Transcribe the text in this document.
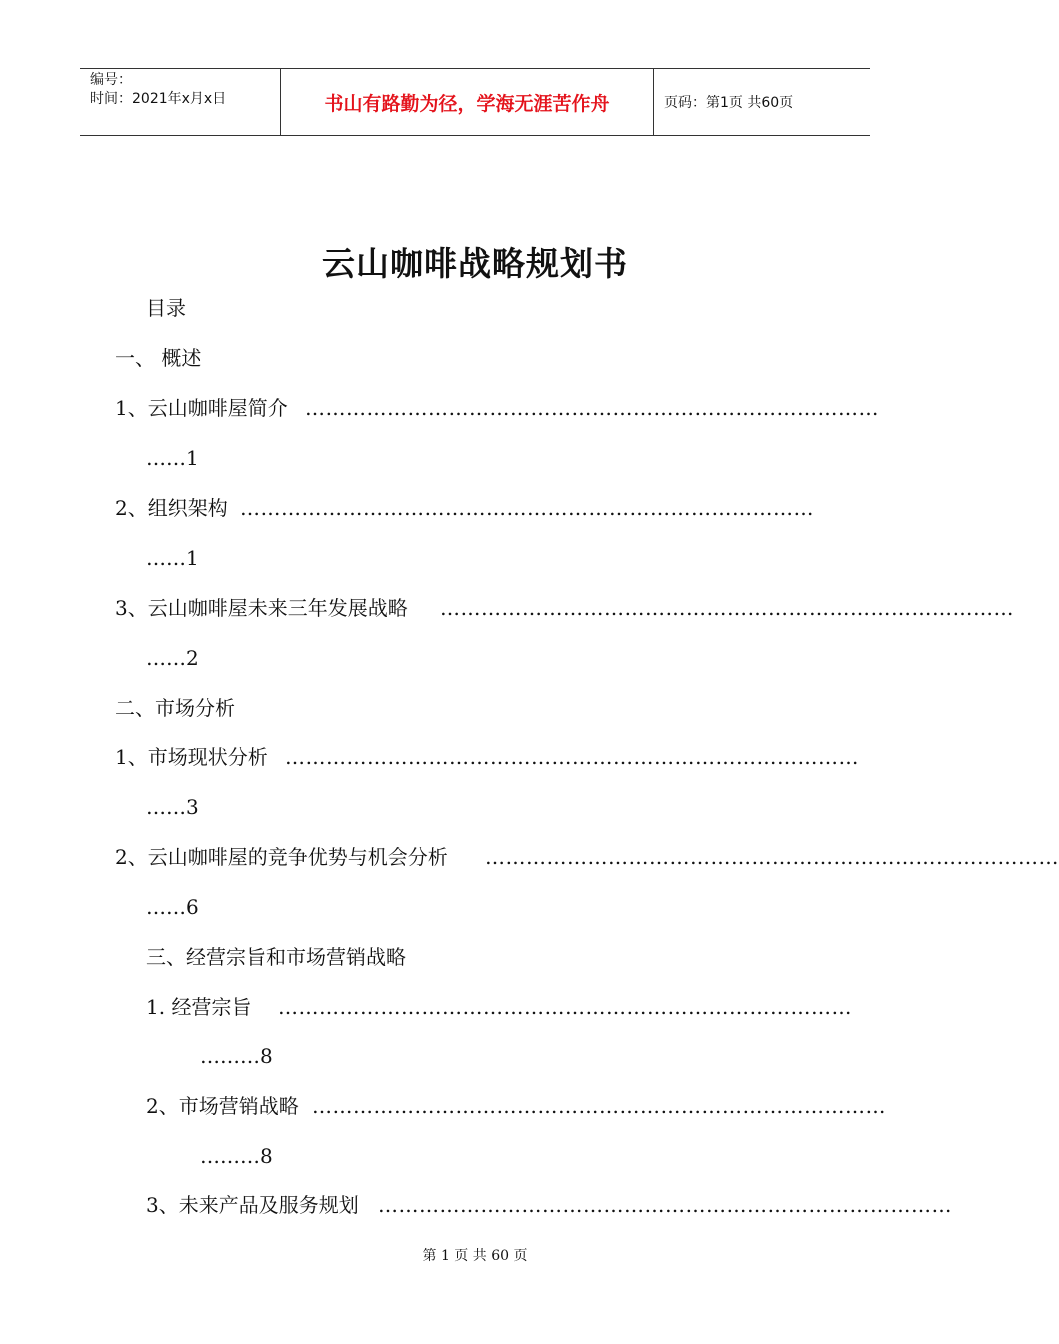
编号：
时间：2021年x月x日	书山有路勤为径，学海无涯苦作舟	页码：第1页 共60页
云山咖啡战略规划书
目录
一、 概述
1、云山咖啡屋简介 …………………………………………………………………………
……1
2、组织架构 …………………………………………………………………………
……1
3、云山咖啡屋未来三年发展战略 …………………………………………………………………………
……2
二、市场分析
1、市场现状分析 …………………………………………………………………………
……3
2、云山咖啡屋的竞争优势与机会分析 …………………………………………………………………………
……6
三、经营宗旨和市场营销战略
1. 经营宗旨 …………………………………………………………………………
………8
2、市场营销战略 …………………………………………………………………………
………8
3、未来产品及服务规划 …………………………………………………………………………
第 1 页 共 60 页
